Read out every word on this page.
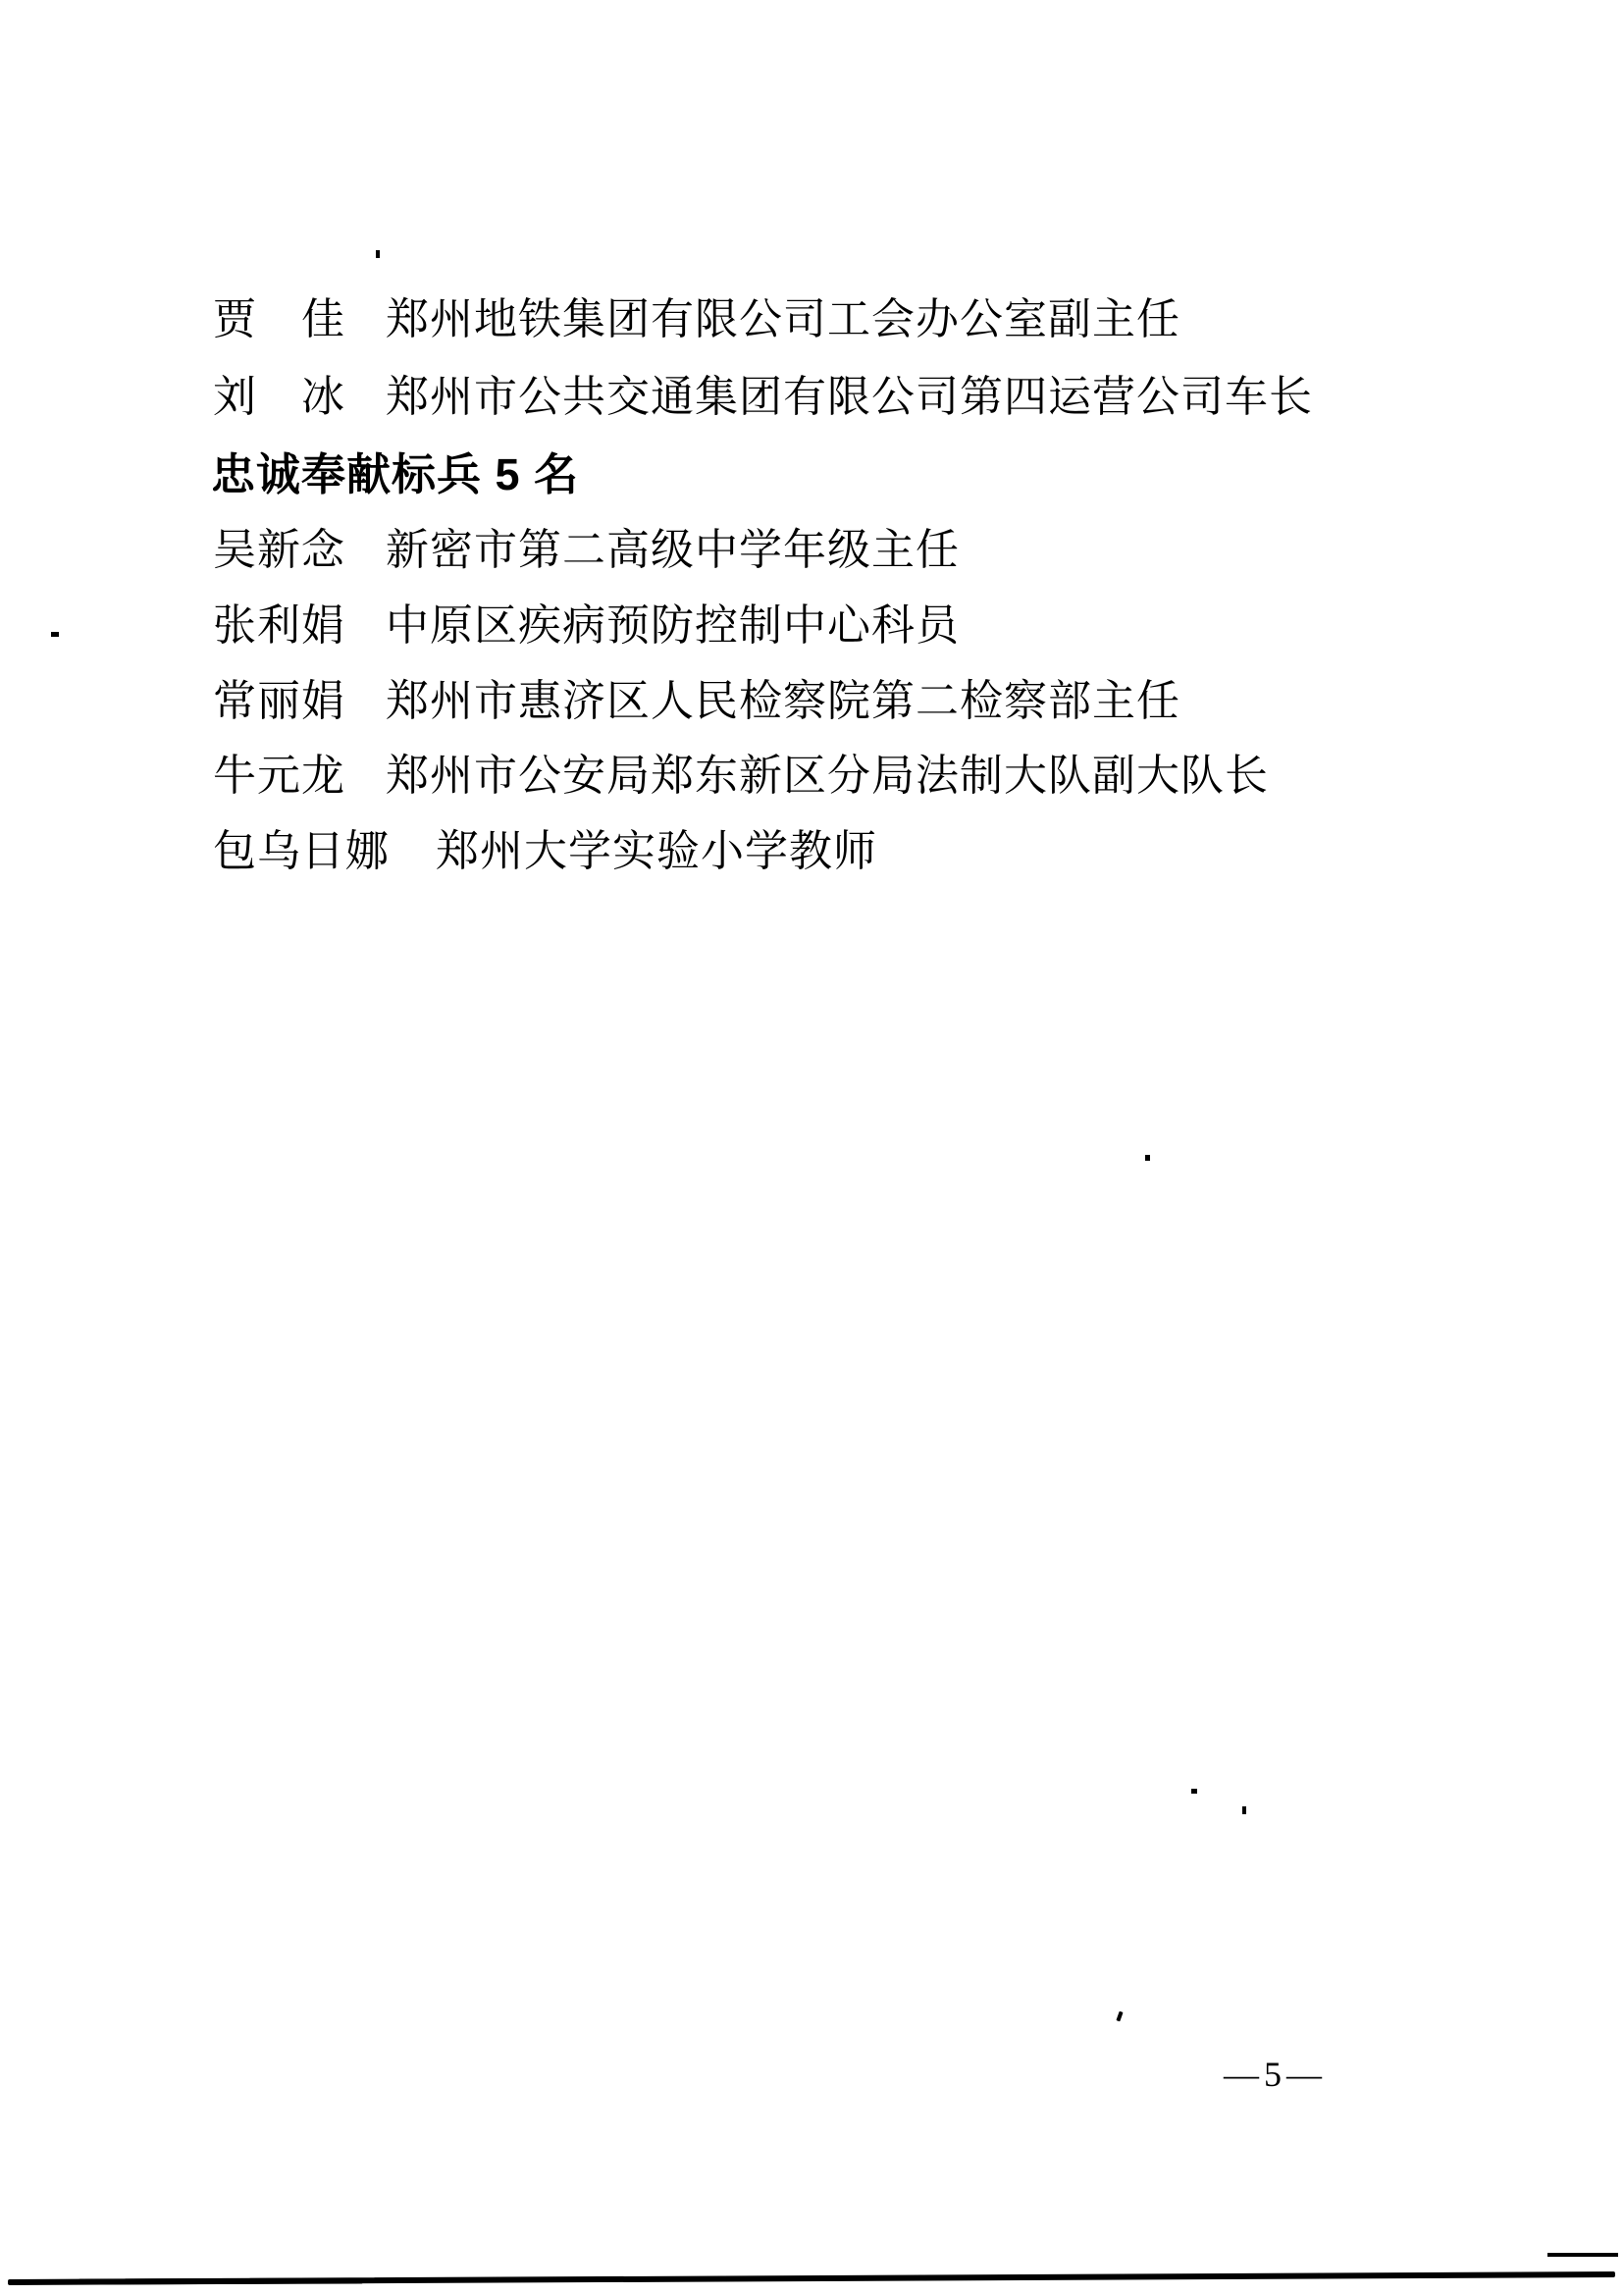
贾　佳 郑州地铁集团有限公司工会办公室副主任
刘　冰 郑州市公共交通集团有限公司第四运营公司车长
忠诚奉献标兵 5 名
吴新念 新密市第二高级中学年级主任
张利娟 中原区疾病预防控制中心科员
常丽娟 郑州市惠济区人民检察院第二检察部主任
牛元龙 郑州市公安局郑东新区分局法制大队副大队长
包乌日娜 郑州大学实验小学教师
—5—
